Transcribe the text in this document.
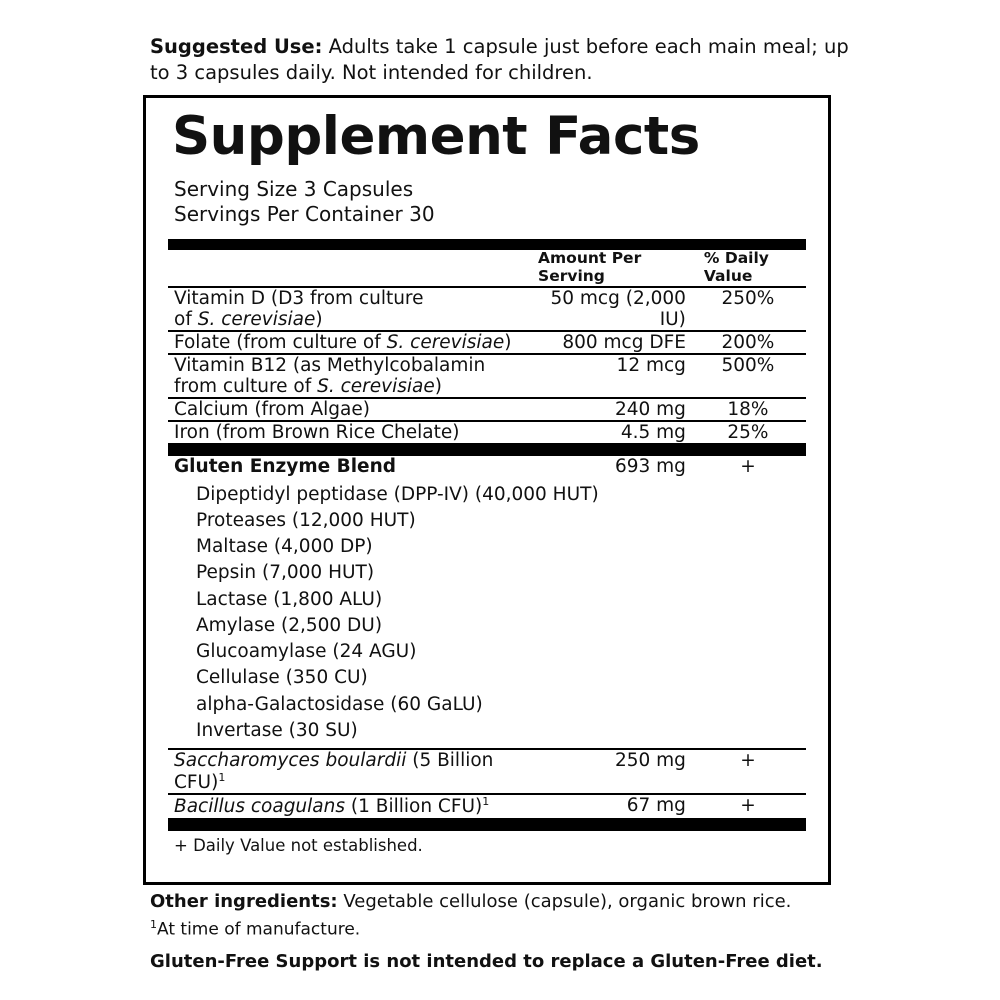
Suggested Use: Adults take 1 capsule just before each main meal; up to 3 capsules daily. Not intended for children.
Supplement Facts
Serving Size 3 Capsules
Servings Per Container 30

Amount Per
Serving

% Daily
Value

Vitamin D (D3 from culture
of S. cerevisiae)	50 mcg (2,000 IU)	250%
Folate (from culture of S. cerevisiae)	800 mcg DFE	200%

Vitamin B12 (as Methylcobalamin
from culture of S. cerevisiae)	12 mcg	500%
Calcium (from Algae)	240 mg	18%
Iron (from Brown Rice Chelate)	4.5 mg	25%
Gluten Enzyme Blend	693 mg	+
Dipeptidyl peptidase (DPP-IV) (40,000 HUT)
Proteases (12,000 HUT)
Maltase (4,000 DP)
Pepsin (7,000 HUT)
Lactase (1,800 ALU)
Amylase (2,500 DU)
Glucoamylase (24 AGU)
Cellulase (350 CU)
alpha-Galactosidase (60 GaLU)
Invertase (30 SU)
Saccharomyces boulardii (5 Billion CFU)$^1$	250 mg	+
Bacillus coagulans (1 Billion CFU)$^1$	67 mg	+
+ Daily Value not established.
Other ingredients: Vegetable cellulose (capsule), organic brown rice.
$^1$At time of manufacture.
Gluten-Free Support is not intended to replace a Gluten-Free diet.
